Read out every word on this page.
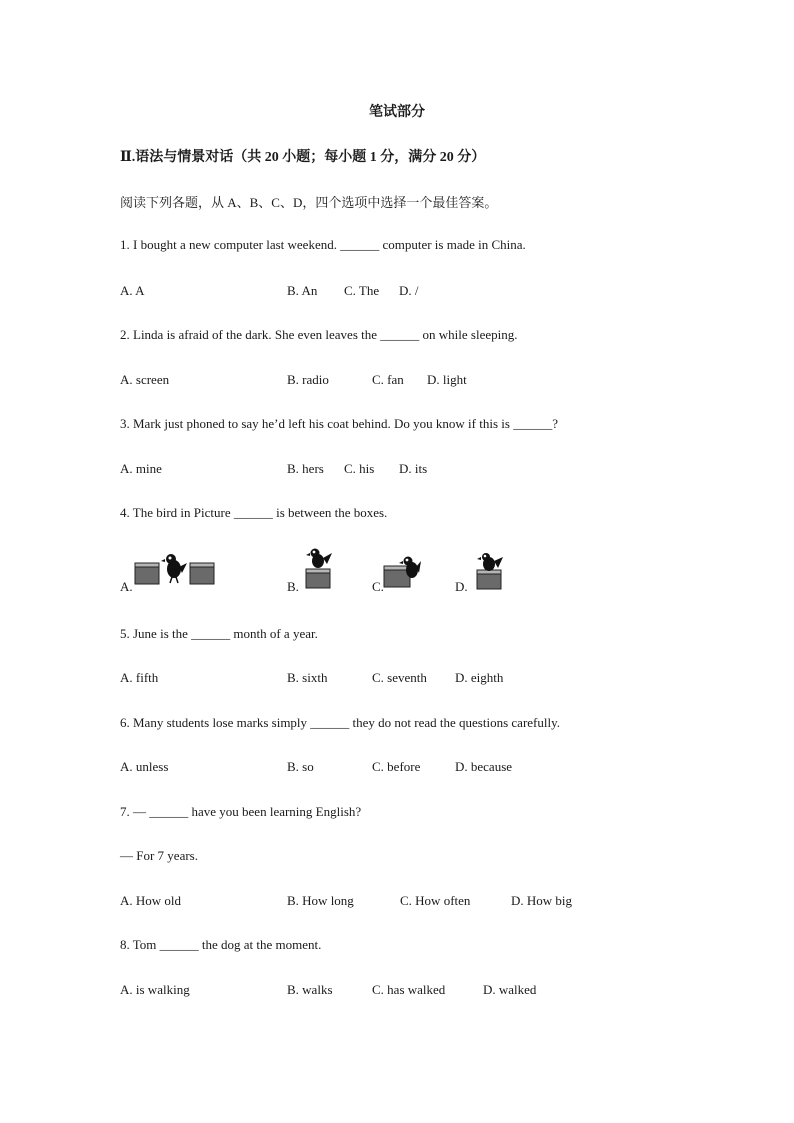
笔试部分
Ⅱ.语法与情景对话（共 20 小题；每小题 1 分，满分 20 分）
阅读下列各题，从 A、B、C、D，四个选项中选择一个最佳答案。
1. I bought a new computer last weekend. ______ computer is made in China.
A. A	B. An C. The D. /
2. Linda is afraid of the dark. She even leaves the ______ on while sleeping.
A. screen	B. radio	C. fan D. light
3. Mark just phoned to say he’d left his coat behind. Do you know if this is ______?
A. mine	B. hers C. his D. its
4. The bird in Picture ______ is between the boxes.
A.	B.	C.	D.
5. June is the ______ month of a year.
A. fifth	B. sixth	C. seventh D. eighth
6. Many students lose marks simply ______ they do not read the questions carefully.
A. unless	B. so	C. before	D. because
7. — ______ have you been learning English?
— For 7 years.
A. How old	B. How long	C. How often	D. How big
8. Tom ______ the dog at the moment.
A. is walking	B. walks	C. has walked	D. walked
